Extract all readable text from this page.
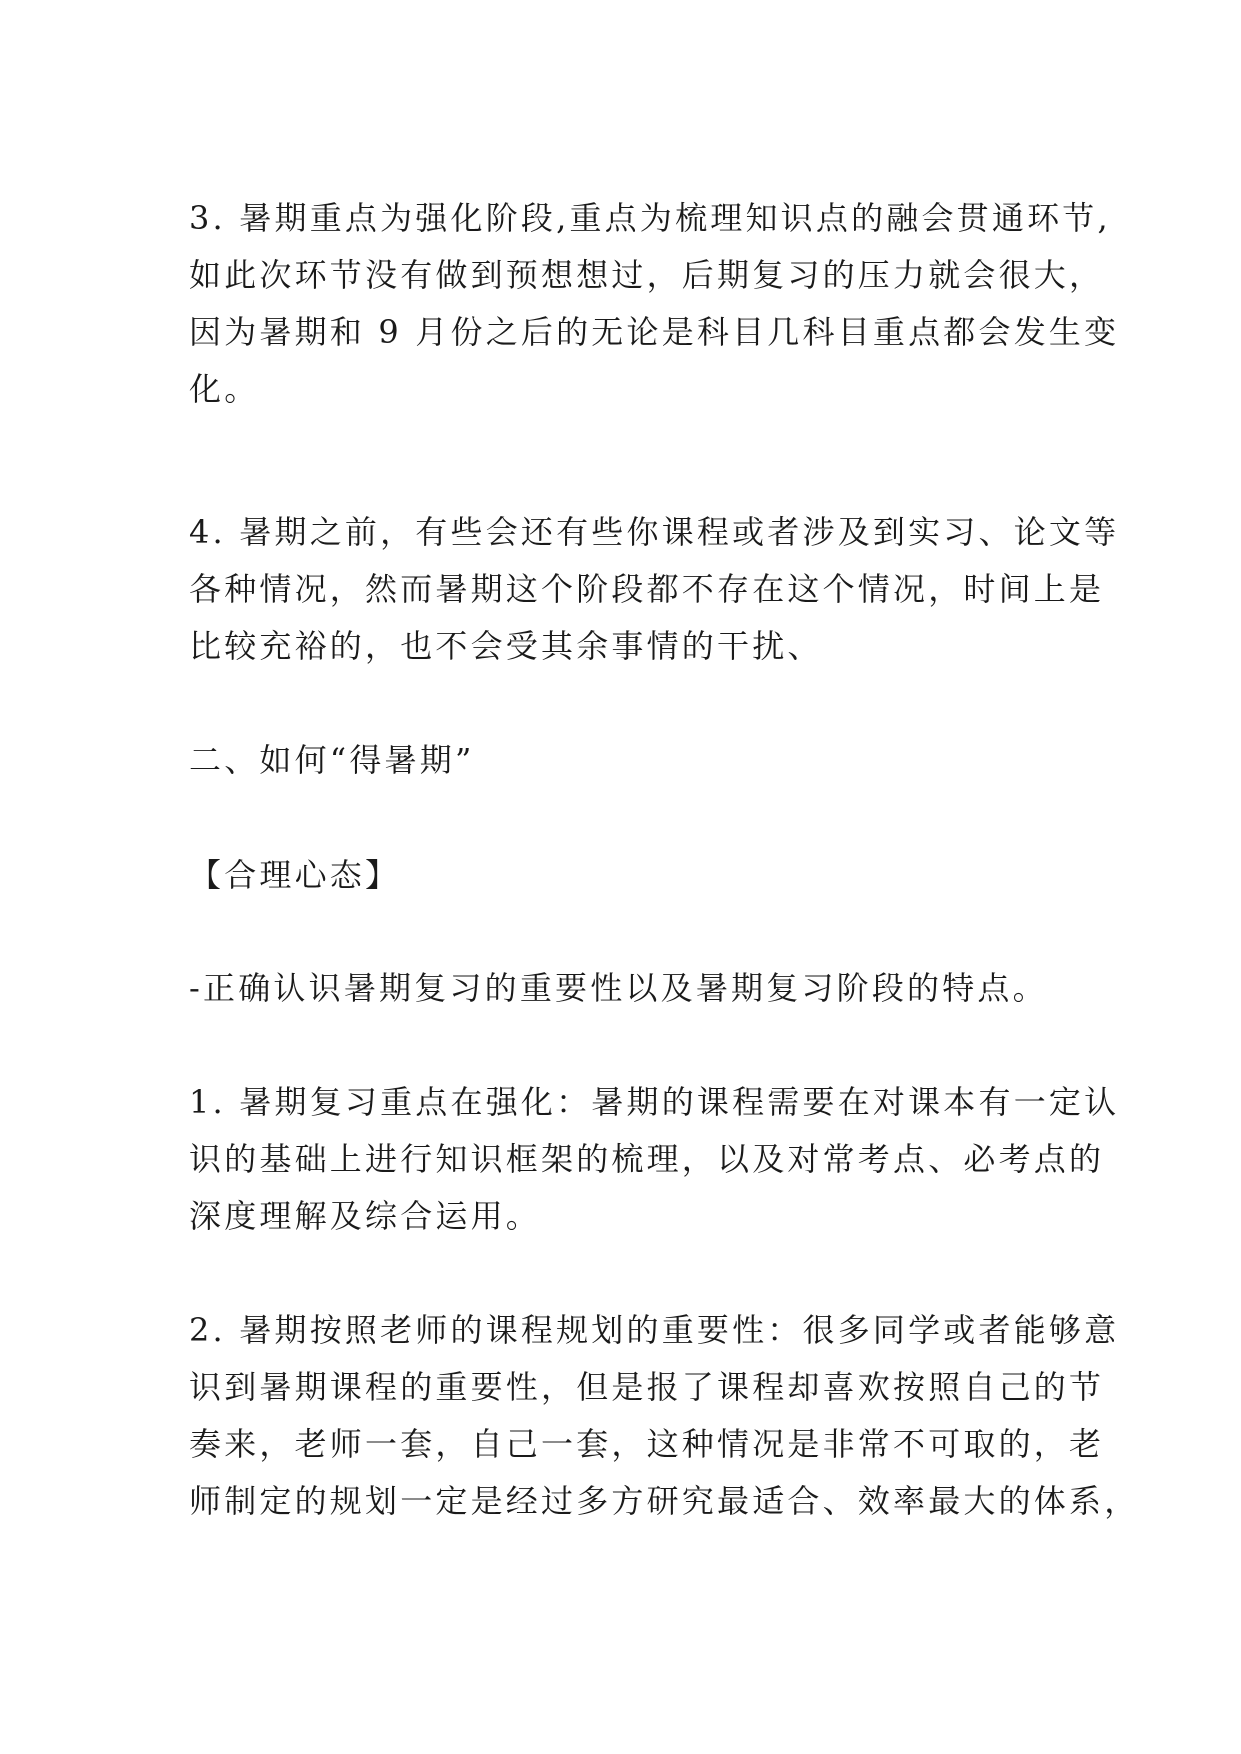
3. 暑期重点为强化阶段,重点为梳理知识点的融会贯通环节,
如此次环节没有做到预想想过，后期复习的压力就会很大，
因为暑期和 9 月份之后的无论是科目几科目重点都会发生变
化。
4. 暑期之前，有些会还有些你课程或者涉及到实习、论文等
各种情况，然而暑期这个阶段都不存在这个情况，时间上是
比较充裕的，也不会受其余事情的干扰、
二、如何“得暑期”
【合理心态】
-正确认识暑期复习的重要性以及暑期复习阶段的特点。
1. 暑期复习重点在强化：暑期的课程需要在对课本有一定认
识的基础上进行知识框架的梳理，以及对常考点、必考点的
深度理解及综合运用。
2. 暑期按照老师的课程规划的重要性：很多同学或者能够意
识到暑期课程的重要性，但是报了课程却喜欢按照自己的节
奏来，老师一套，自己一套，这种情况是非常不可取的，老
师制定的规划一定是经过多方研究最适合、效率最大的体系，
